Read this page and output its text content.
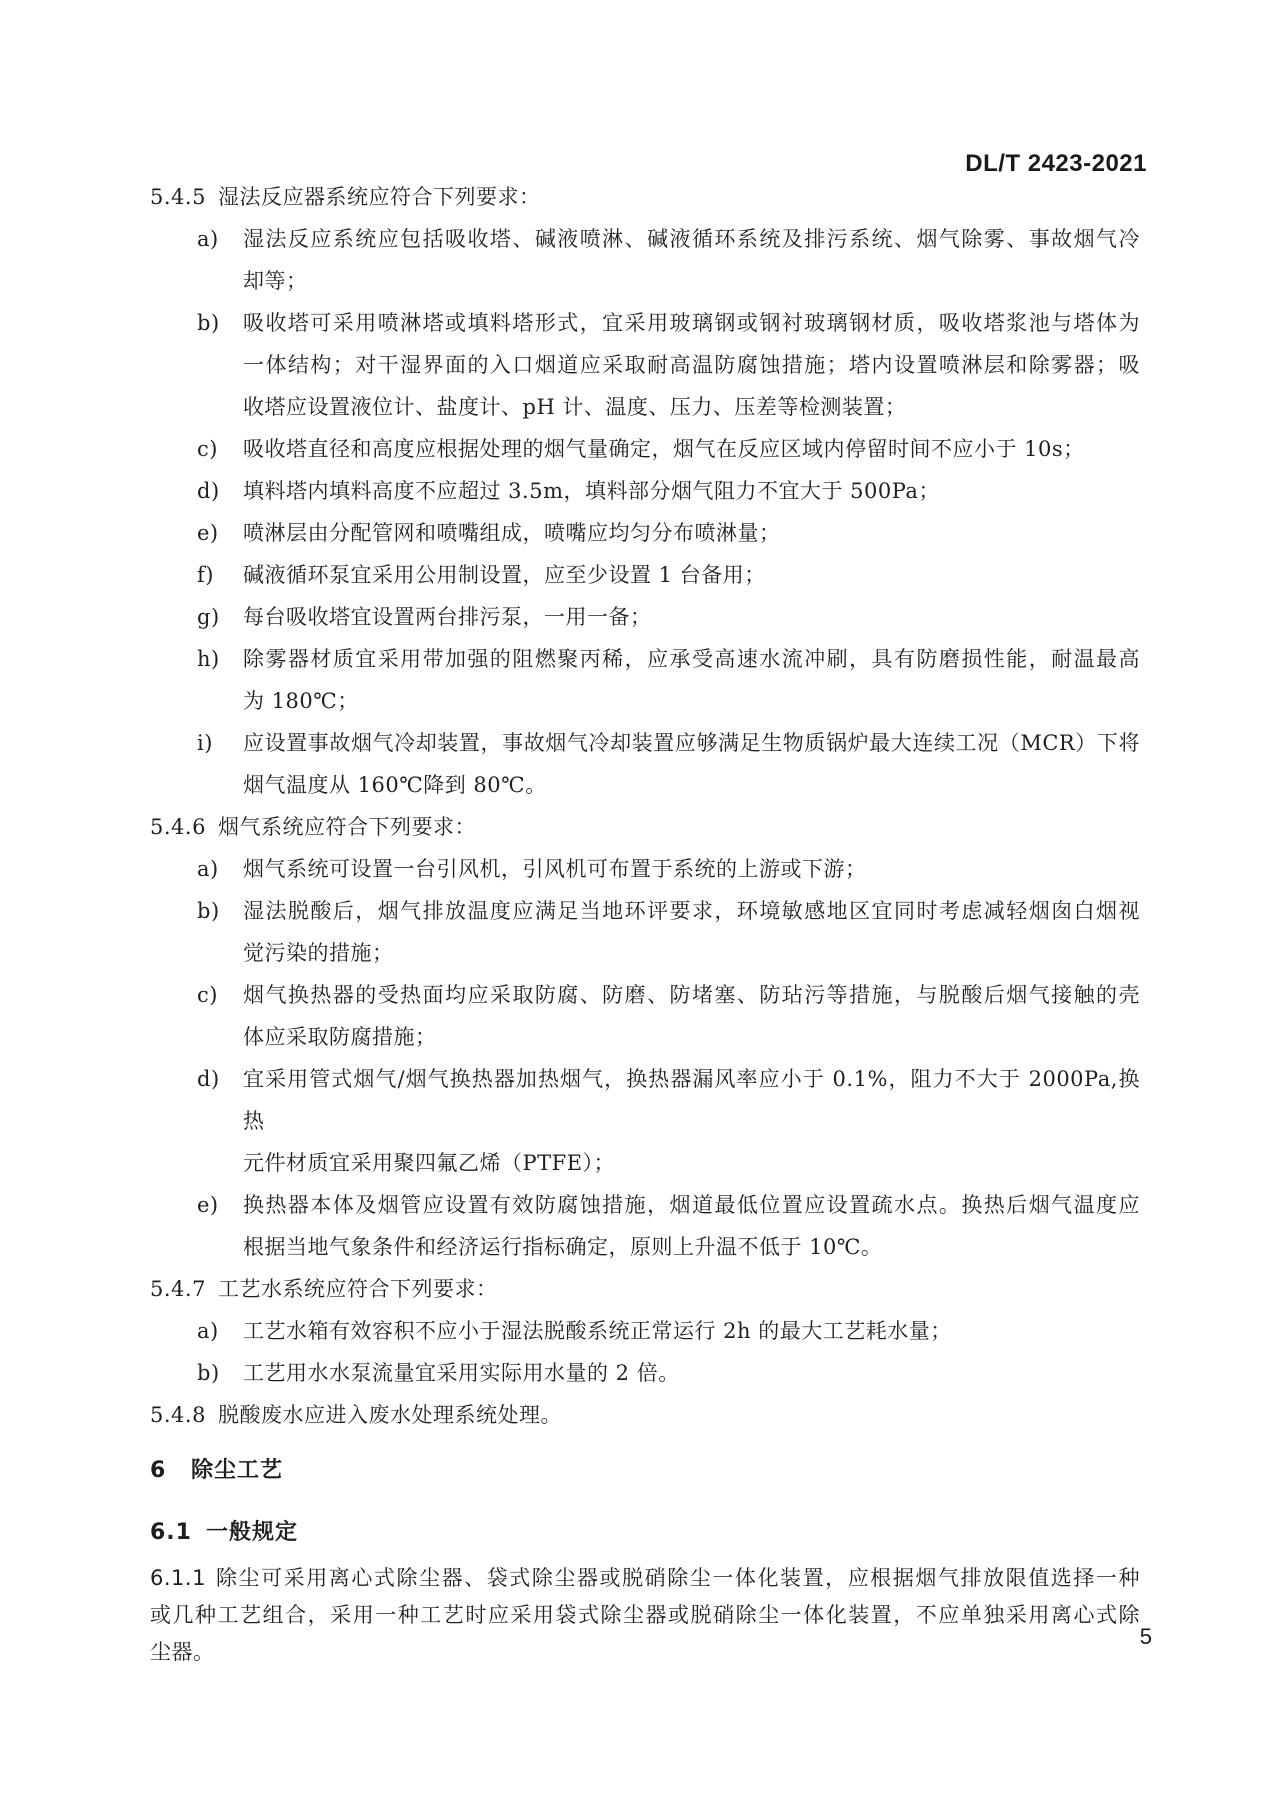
DL/T 2423-2021
5.4.5 湿法反应器系统应符合下列要求：
a)	湿法反应系统应包括吸收塔、碱液喷淋、碱液循环系统及排污系统、烟气除雾、事故烟气冷
却等；
b)	吸收塔可采用喷淋塔或填料塔形式，宜采用玻璃钢或钢衬玻璃钢材质，吸收塔浆池与塔体为
一体结构；对干湿界面的入口烟道应采取耐高温防腐蚀措施；塔内设置喷淋层和除雾器；吸
收塔应设置液位计、盐度计、pH 计、温度、压力、压差等检测装置；
c)	吸收塔直径和高度应根据处理的烟气量确定，烟气在反应区域内停留时间不应小于 10s；
d)	填料塔内填料高度不应超过 3.5m，填料部分烟气阻力不宜大于 500Pa；
e)	喷淋层由分配管网和喷嘴组成，喷嘴应均匀分布喷淋量；
f)	碱液循环泵宜采用公用制设置，应至少设置 1 台备用；
g)	每台吸收塔宜设置两台排污泵，一用一备；
h)	除雾器材质宜采用带加强的阻燃聚丙稀，应承受高速水流冲刷，具有防磨损性能，耐温最高
为 180℃；
i)	应设置事故烟气冷却装置，事故烟气冷却装置应够满足生物质锅炉最大连续工况（MCR）下将
烟气温度从 160℃降到 80℃。
5.4.6 烟气系统应符合下列要求：
a)	烟气系统可设置一台引风机，引风机可布置于系统的上游或下游；
b)	湿法脱酸后，烟气排放温度应满足当地环评要求，环境敏感地区宜同时考虑减轻烟囱白烟视
觉污染的措施；
c)	烟气换热器的受热面均应采取防腐、防磨、防堵塞、防玷污等措施，与脱酸后烟气接触的壳
体应采取防腐措施；
d)	宜采用管式烟气/烟气换热器加热烟气，换热器漏风率应小于 0.1%，阻力不大于 2000Pa,换热
元件材质宜采用聚四氟乙烯（PTFE）；
e)	换热器本体及烟管应设置有效防腐蚀措施，烟道最低位置应设置疏水点。换热后烟气温度应
根据当地气象条件和经济运行指标确定，原则上升温不低于 10℃。
5.4.7 工艺水系统应符合下列要求：
a)	工艺水箱有效容积不应小于湿法脱酸系统正常运行 2h 的最大工艺耗水量；
b)	工艺用水水泵流量宜采用实际用水量的 2 倍。
5.4.8 脱酸废水应进入废水处理系统处理。
6	除尘工艺
6.1 一般规定
6.1.1 除尘可采用离心式除尘器、袋式除尘器或脱硝除尘一体化装置，应根据烟气排放限值选择一种
或几种工艺组合，采用一种工艺时应采用袋式除尘器或脱硝除尘一体化装置，不应单独采用离心式除
尘器。
5
